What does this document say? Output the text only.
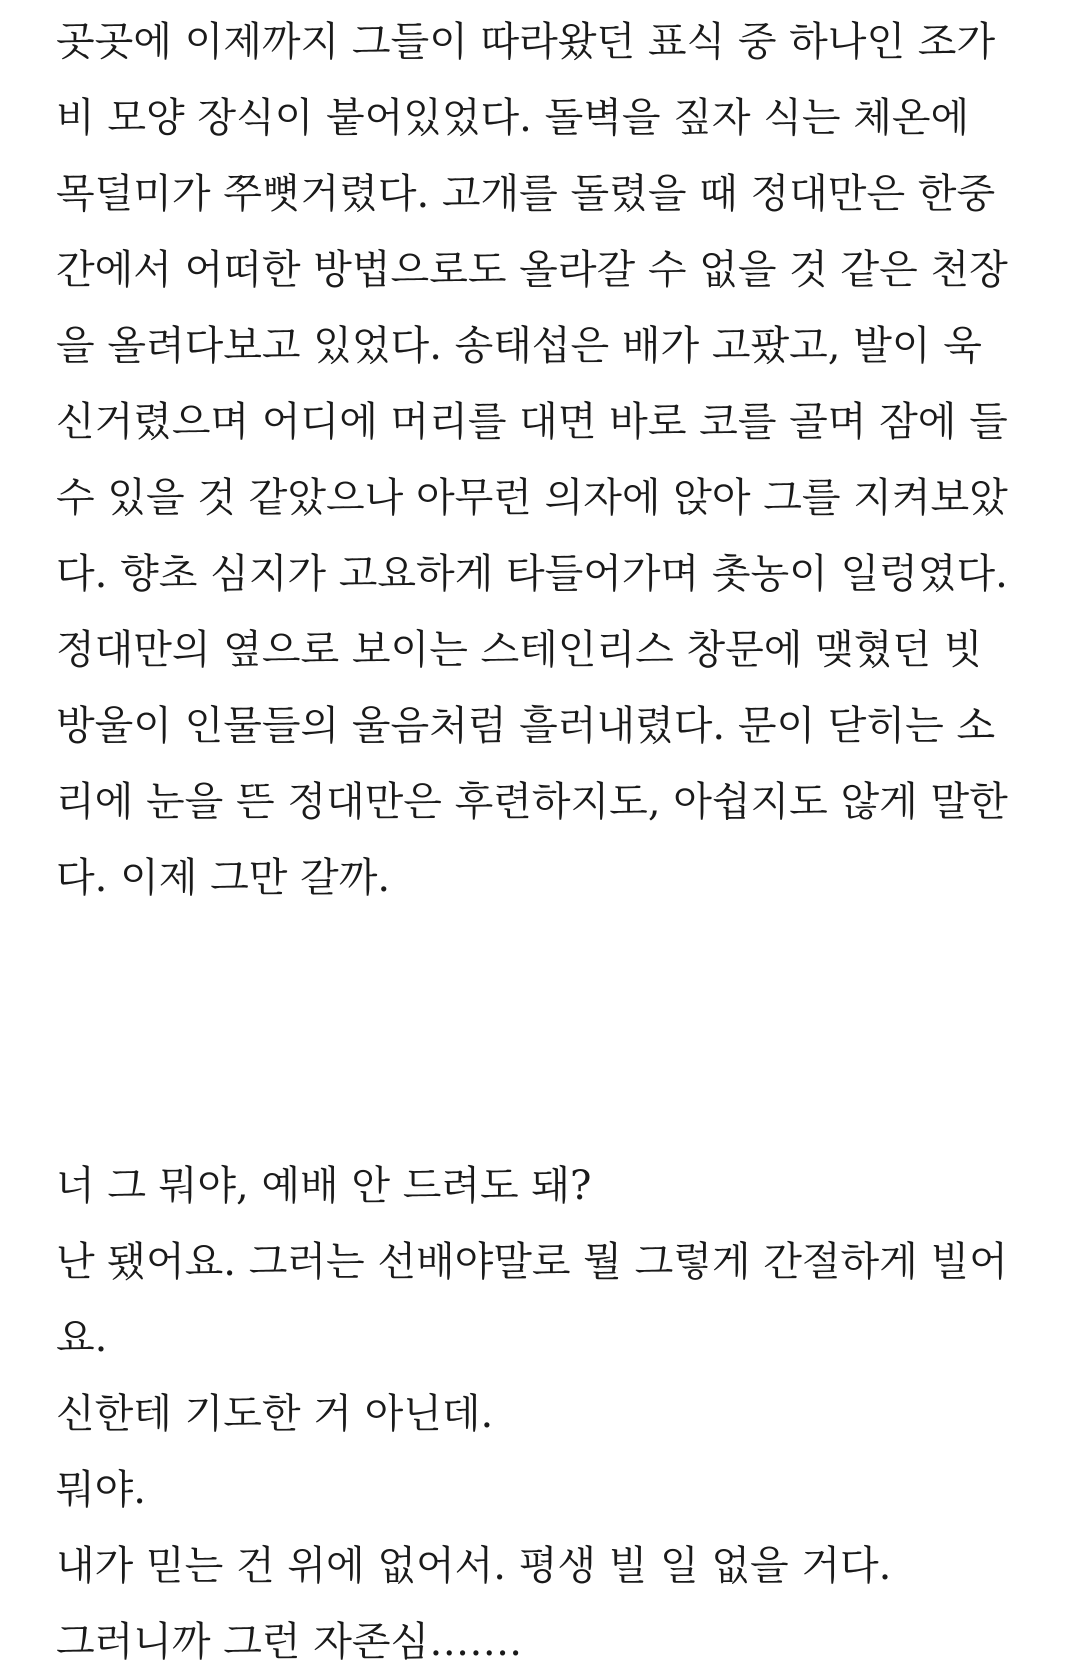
곳곳에 이제까지 그들이 따라왔던 표식 중 하나인 조가

비 모양 장식이 붙어있었다. 돌벽을 짚자 식는 체온에

목덜미가 쭈뼛거렸다. 고개를 돌렸을 때 정대만은 한중

간에서 어떠한 방법으로도 올라갈 수 없을 것 같은 천장

을 올려다보고 있었다. 송태섭은 배가 고팠고, 발이 욱

신거렸으며 어디에 머리를 대면 바로 코를 골며 잠에 들

수 있을 것 같았으나 아무런 의자에 앉아 그를 지켜보았

다. 향초 심지가 고요하게 타들어가며 촛농이 일렁였다.

정대만의 옆으로 보이는 스테인리스 창문에 맺혔던 빗

방울이 인물들의 울음처럼 흘러내렸다. 문이 닫히는 소

리에 눈을 뜬 정대만은 후련하지도, 아쉽지도 않게 말한

다. 이제 그만 갈까.

너 그 뭐야, 예배 안 드려도 돼?

난 됐어요. 그러는 선배야말로 뭘 그렇게 간절하게 빌어

요.

신한테 기도한 거 아닌데.

뭐야.

내가 믿는 건 위에 없어서. 평생 빌 일 없을 거다.

그러니까 그런 자존심…….
